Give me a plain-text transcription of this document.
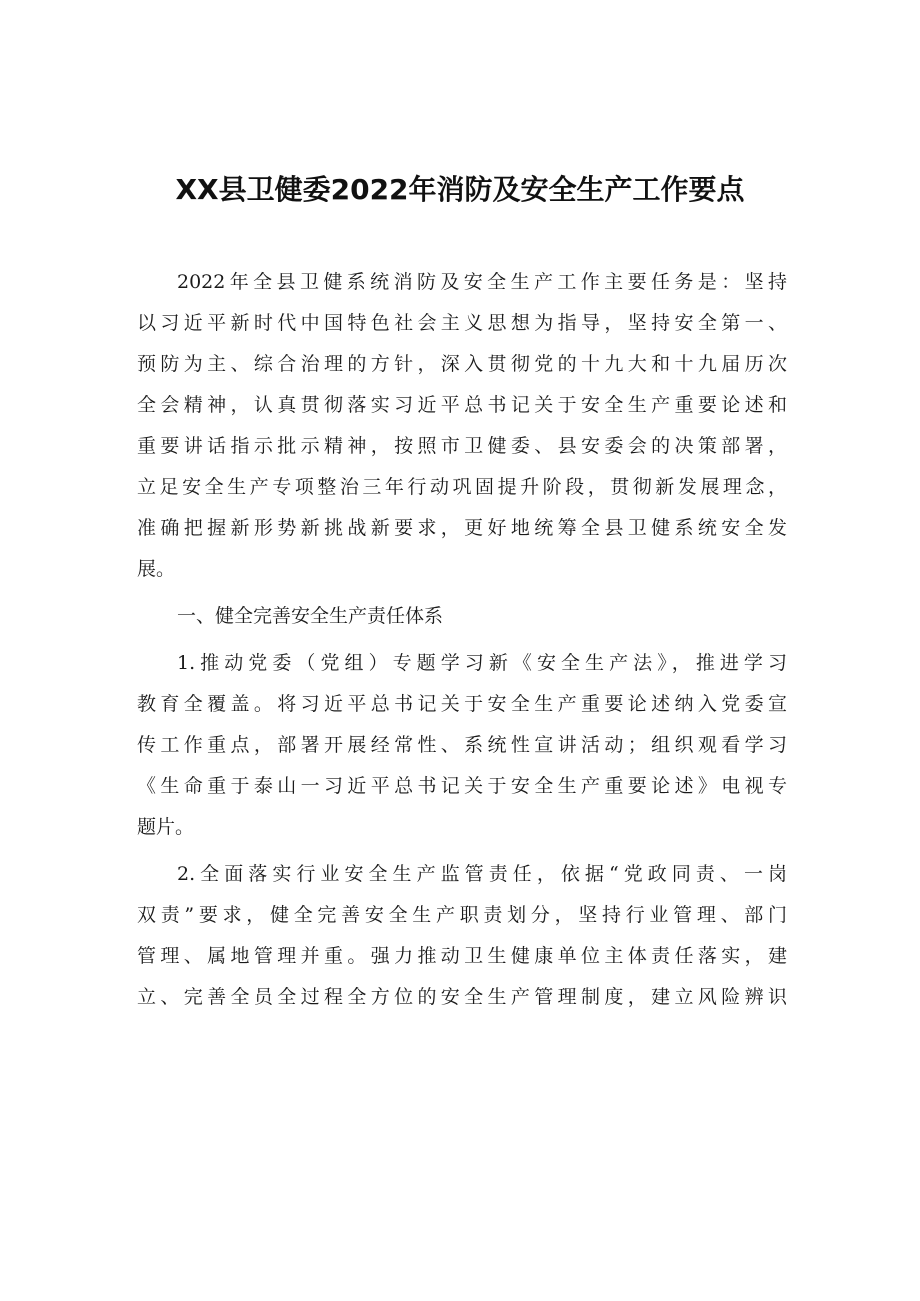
XX县卫健委2022年消防及安全生产工作要点

2022年全县卫健系统消防及安全生产工作主要任务是：坚持
以习近平新时代中国特色社会主义思想为指导，坚持安全第一、
预防为主、综合治理的方针，深入贯彻党的十九大和十九届历次
全会精神，认真贯彻落实习近平总书记关于安全生产重要论述和
重要讲话指示批示精神，按照市卫健委、县安委会的决策部署，
立足安全生产专项整治三年行动巩固提升阶段，贯彻新发展理念，
准确把握新形势新挑战新要求，更好地统筹全县卫健系统安全发
展。

一、健全完善安全生产责任体系

1.推动党委（党组）专题学习新《安全生产法》，推进学习
教育全覆盖。将习近平总书记关于安全生产重要论述纳入党委宣
传工作重点，部署开展经常性、系统性宣讲活动；组织观看学习
《生命重于泰山一习近平总书记关于安全生产重要论述》电视专
题片。

2.全面落实行业安全生产监管责任，依据“党政同责、一岗
双责”要求，健全完善安全生产职责划分，坚持行业管理、部门
管理、属地管理并重。强力推动卫生健康单位主体责任落实，建
立、完善全员全过程全方位的安全生产管理制度，建立风险辨识
